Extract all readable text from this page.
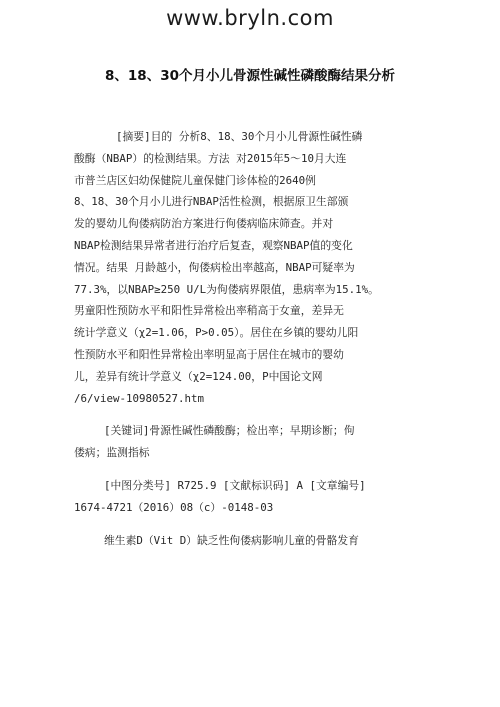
www.bryln.com
8、18、30个月小儿骨源性碱性磷酸酶结果分析
[摘要]目的 分析8、18、30个月小儿骨源性碱性磷
酸酶（NBAP）的检测结果。方法 对2015年5～10月大连
市普兰店区妇幼保健院儿童保健门诊体检的2640例
8、18、30个月小儿进行NBAP活性检测，根据原卫生部颁
发的婴幼儿佝偻病防治方案进行佝偻病临床筛查。并对
NBAP检测结果异常者进行治疗后复查，观察NBAP值的变化
情况。结果 月龄越小，佝偻病检出率越高，NBAP可疑率为
77.3%，以NBAP≥250 U/L为佝偻病界限值，患病率为15.1%。
男童阳性预防水平和阳性异常检出率稍高于女童，差异无
统计学意义（χ2=1.06，P>0.05）。居住在乡镇的婴幼儿阳
性预防水平和阳性异常检出率明显高于居住在城市的婴幼
儿，差异有统计学意义（χ2=124.00，P中国论文网
/6/view-10980527.htm
[关键词]骨源性碱性磷酸酶；检出率；早期诊断；佝
偻病；监测指标
[中图分类号] R725.9 [文献标识码] A [文章编号]
1674-4721（2016）08（c）-0148-03
维生素D（Vit D）缺乏性佝偻病影响儿童的骨骼发育
